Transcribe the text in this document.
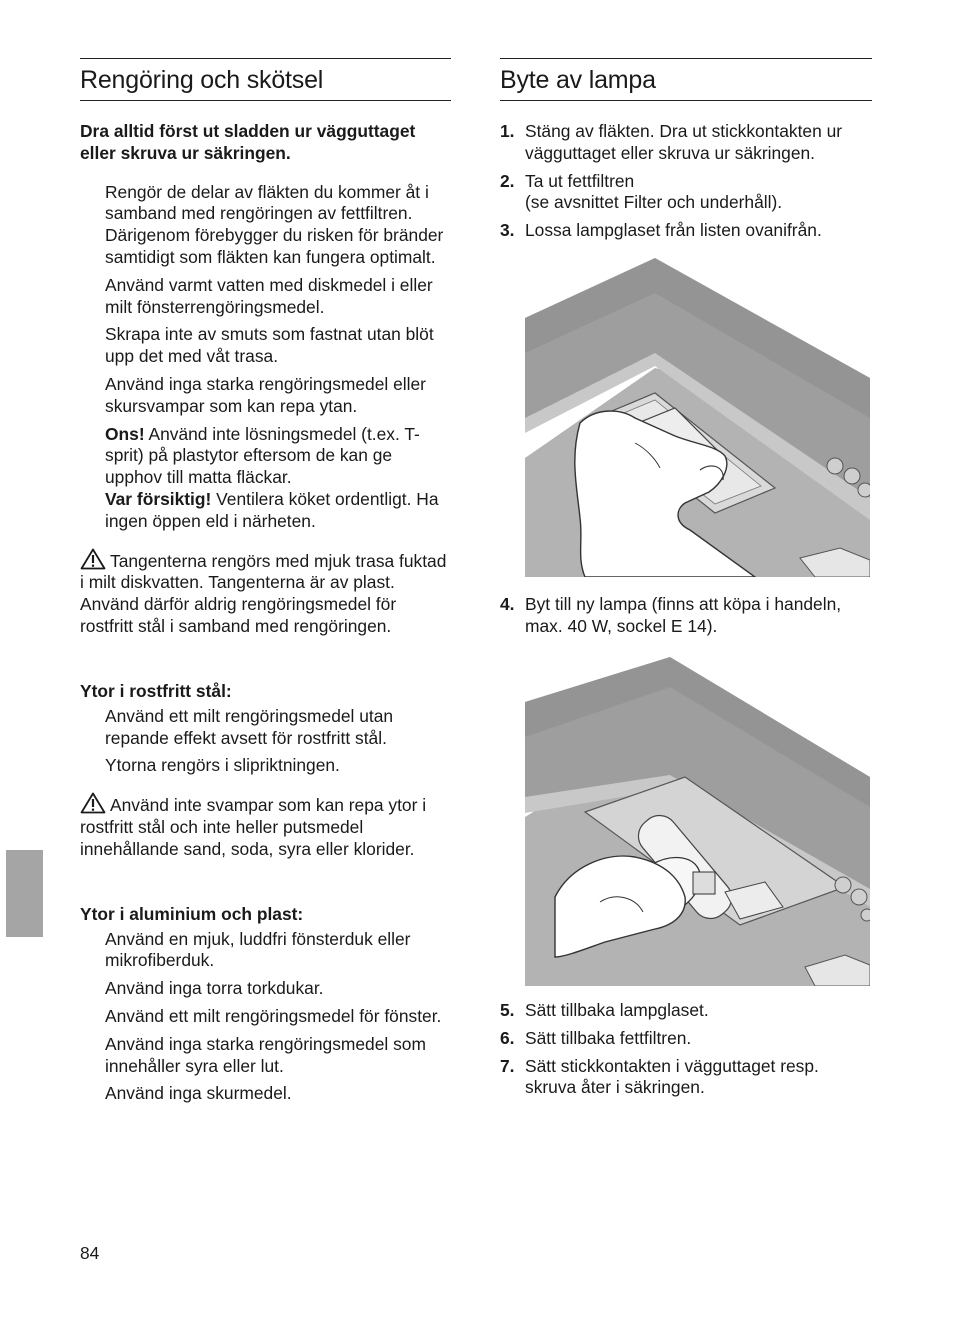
Rengöring och skötsel

Dra alltid först ut sladden ur vägguttaget eller skruva ur säkringen.

Rengör de delar av fläkten du kommer åt i samband med rengöringen av fettfiltren. Därigenom förebygger du risken för bränder samtidigt som fläkten kan fungera optimalt.

Använd varmt vatten med diskmedel i eller milt fönsterrengöringsmedel.

Skrapa inte av smuts som fastnat utan blöt upp det med våt trasa.

Använd inga starka rengöringsmedel eller skursvampar som kan repa ytan.

Ons! Använd inte lösningsmedel (t.ex. T-sprit) på plastytor eftersom de kan ge upphov till matta fläckar.

Var försiktig! Ventilera köket ordentligt. Ha ingen öppen eld i närheten.

Tangenterna rengörs med mjuk trasa fuktad i milt diskvatten. Tangenterna är av plast. Använd därför aldrig rengöringsmedel för rostfritt stål i samband med rengöringen.

Ytor i rostfritt stål:

Använd ett milt rengöringsmedel utan repande effekt avsett för rostfritt stål.

Ytorna rengörs i slipriktningen.

Använd inte svampar som kan repa ytor i rostfritt stål och inte heller putsmedel innehållande sand, soda, syra eller klorider.

Ytor i aluminium och plast:

Använd en mjuk, luddfri fönsterduk eller mikrofiberduk.

Använd inga torra torkdukar.

Använd ett milt rengöringsmedel för fönster.

Använd inga starka rengöringsmedel som innehåller syra eller lut.

Använd inga skurmedel.

Byte av lampa
1. Stäng av fläkten. Dra ut stickkontakten ur vägguttaget eller skruva ur säkringen.
2. Ta ut fettfiltren
(se avsnittet Filter och underhåll).
3. Lossa lampglaset från listen ovanifrån.
4. Byt till ny lampa (finns att köpa i handeln, max. 40 W, sockel E 14).
5. Sätt tillbaka lampglaset.
6. Sätt tillbaka fettfiltren.
7. Sätt stickkontakten i vägguttaget resp. skruva åter i säkringen.
84
